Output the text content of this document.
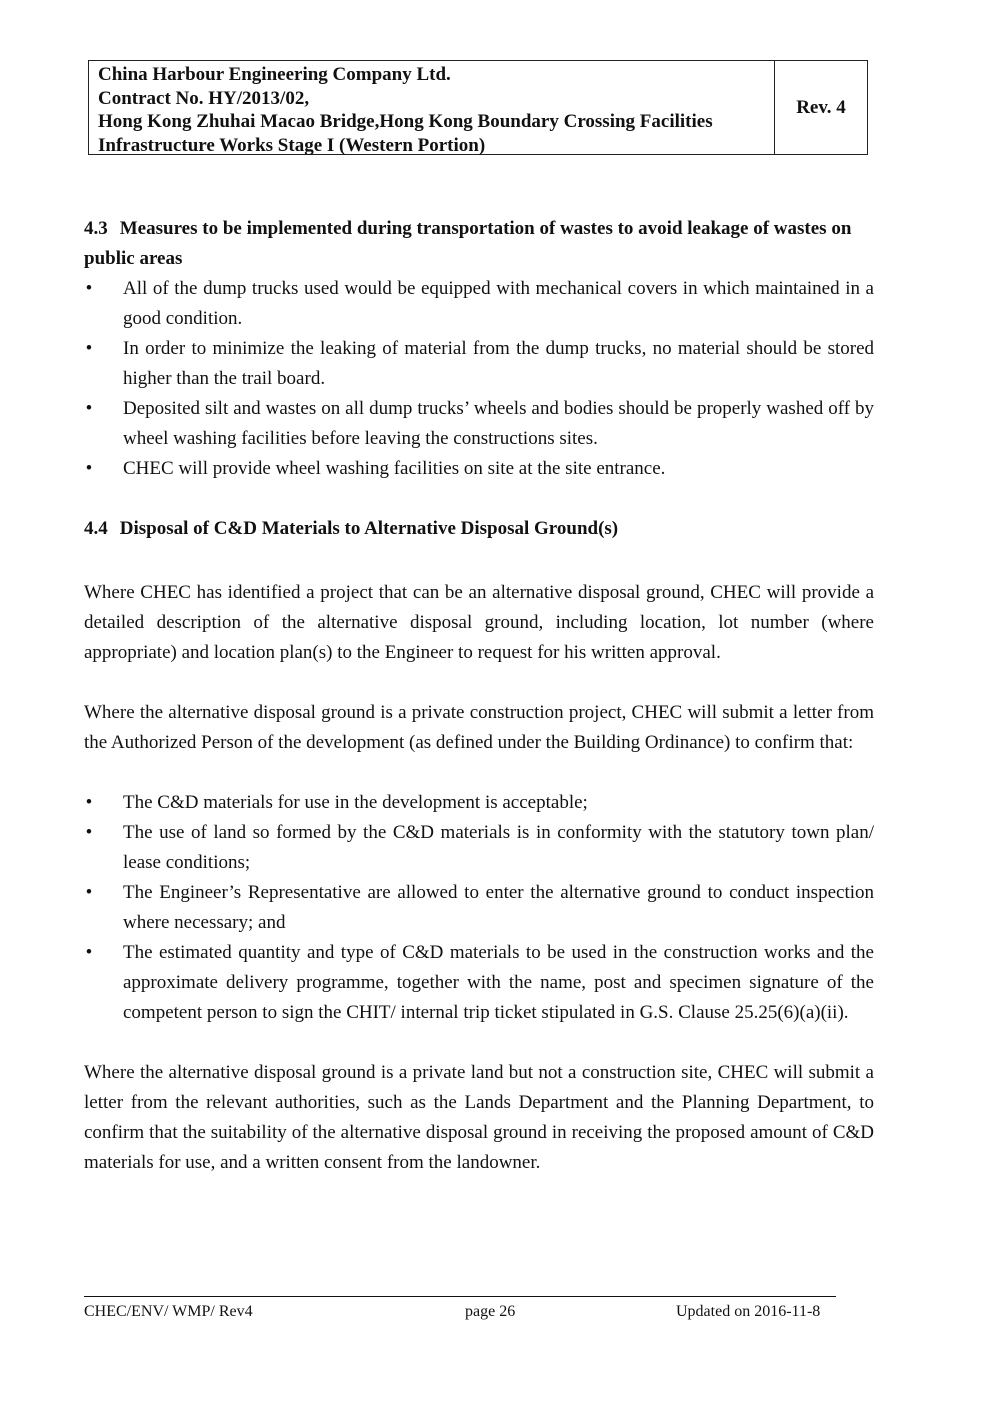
China Harbour Engineering Company Ltd.
Contract No. HY/2013/02,
Hong Kong Zhuhai Macao Bridge,Hong Kong Boundary Crossing Facilities
Infrastructure Works Stage I (Western Portion)
Rev. 4
4.3 Measures to be implemented during transportation of wastes to avoid leakage of wastes on public areas
• All of the dump trucks used would be equipped with mechanical covers in which maintained in a good condition.
• In order to minimize the leaking of material from the dump trucks, no material should be stored higher than the trail board.
• Deposited silt and wastes on all dump trucks’ wheels and bodies should be properly washed off by wheel washing facilities before leaving the constructions sites.
• CHEC will provide wheel washing facilities on site at the site entrance.
4.4 Disposal of C&D Materials to Alternative Disposal Ground(s)

Where CHEC has identified a project that can be an alternative disposal ground, CHEC will provide a detailed description of the alternative disposal ground, including location, lot number (where appropriate) and location plan(s) to the Engineer to request for his written approval.

Where the alternative disposal ground is a private construction project, CHEC will submit a letter from the Authorized Person of the development (as defined under the Building Ordinance) to confirm that:

• The C&D materials for use in the development is acceptable;
• The use of land so formed by the C&D materials is in conformity with the statutory town plan/ lease conditions;
• The Engineer’s Representative are allowed to enter the alternative ground to conduct inspection where necessary; and
• The estimated quantity and type of C&D materials to be used in the construction works and the approximate delivery programme, together with the name, post and specimen signature of the competent person to sign the CHIT/ internal trip ticket stipulated in G.S. Clause 25.25(6)(a)(ii).

Where the alternative disposal ground is a private land but not a construction site, CHEC will submit a letter from the relevant authorities, such as the Lands Department and the Planning Department, to confirm that the suitability of the alternative disposal ground in receiving the proposed amount of C&D materials for use, and a written consent from the landowner.

CHEC/ENV/ WMP/ Rev4	page 26	Updated on 2016-11-8
